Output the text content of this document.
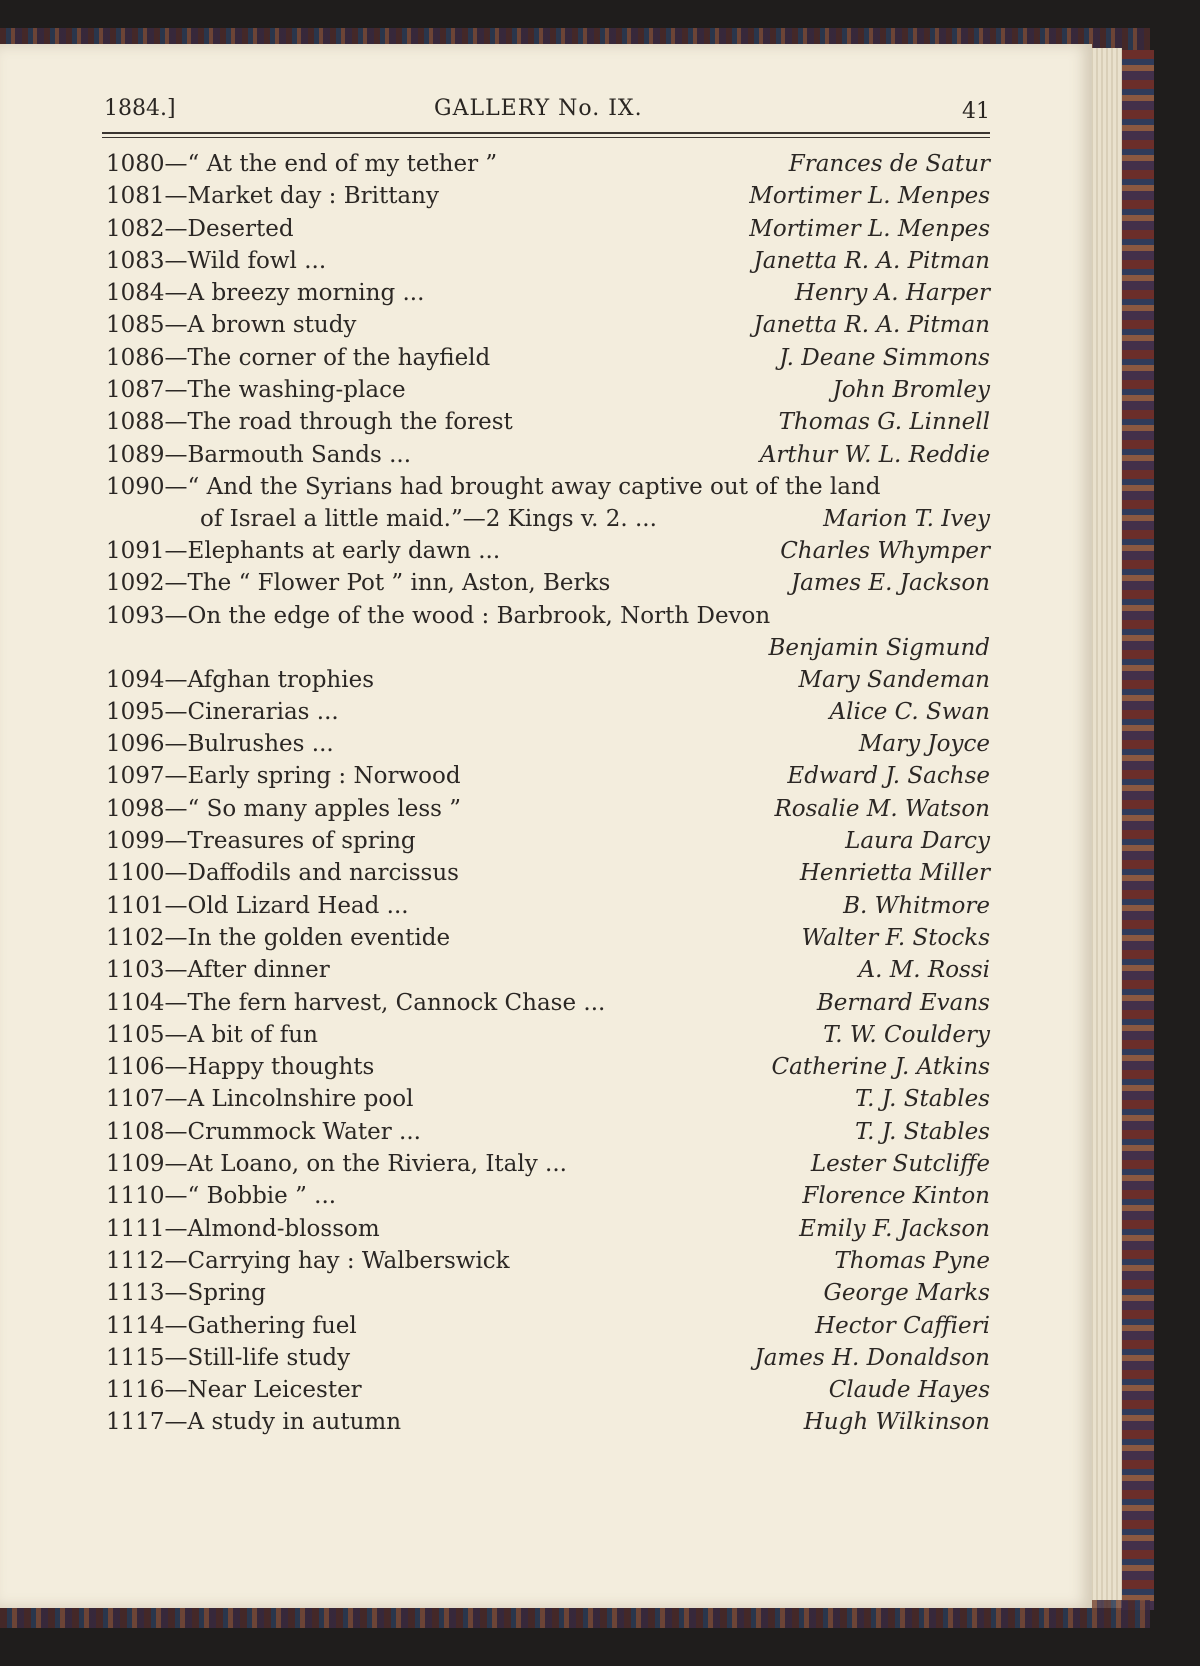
1884.]	GALLERY No. IX.	41
1080—“ At the end of my tether ”	Frances de Satur
1081—Market day : Brittany	Mortimer L. Menpes
1082—Deserted	Mortimer L. Menpes
1083—Wild fowl ...	Janetta R. A. Pitman
1084—A breezy morning ...	Henry A. Harper
1085—A brown study	Janetta R. A. Pitman
1086—The corner of the hayfield	J. Deane Simmons
1087—The washing-place	John Bromley
1088—The road through the forest	Thomas G. Linnell
1089—Barmouth Sands ...	Arthur W. L. Reddie
1090—“ And the Syrians had brought away captive out of the land
of Israel a little maid.”—2 Kings v. 2. ...	Marion T. Ivey
1091—Elephants at early dawn ...	Charles Whymper
1092—The “ Flower Pot ” inn, Aston, Berks	James E. Jackson
1093—On the edge of the wood : Barbrook, North Devon
Benjamin Sigmund
1094—Afghan trophies	Mary Sandeman
1095—Cinerarias ...	Alice C. Swan
1096—Bulrushes ...	Mary Joyce
1097—Early spring : Norwood	Edward J. Sachse
1098—“ So many apples less ”	Rosalie M. Watson
1099—Treasures of spring	Laura Darcy
1100—Daffodils and narcissus	Henrietta Miller
1101—Old Lizard Head ...	B. Whitmore
1102—In the golden eventide	Walter F. Stocks
1103—After dinner	A. M. Rossi
1104—The fern harvest, Cannock Chase ...	Bernard Evans
1105—A bit of fun	T. W. Couldery
1106—Happy thoughts	Catherine J. Atkins
1107—A Lincolnshire pool	T. J. Stables
1108—Crummock Water ...	T. J. Stables
1109—At Loano, on the Riviera, Italy ...	Lester Sutcliffe
1110—“ Bobbie ” ...	Florence Kinton
1111—Almond-blossom	Emily F. Jackson
1112—Carrying hay : Walberswick	Thomas Pyne
1113—Spring	George Marks
1114—Gathering fuel	Hector Caffieri
1115—Still-life study	James H. Donaldson
1116—Near Leicester	Claude Hayes
1117—A study in autumn	Hugh Wilkinson
